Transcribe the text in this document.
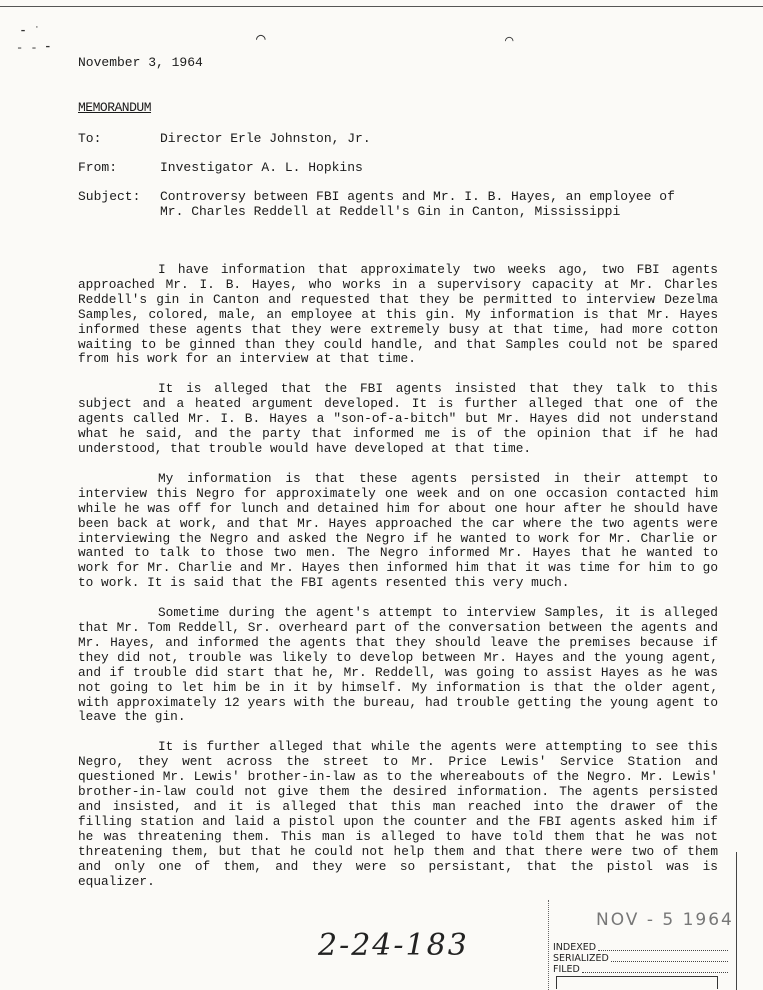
⁃ ˙
- ‐ ⁃	⌒	⌒
November 3, 1964
MEMORANDUM
To:	Director Erle Johnston, Jr.
From:	Investigator A. L. Hopkins
Subject:	Controversy between FBI agents and Mr. I. B. Hayes, an employee of
Mr. Charles Reddell at Reddell's Gin in Canton, Mississippi

I have information that approximately two weeks ago, two FBI agents approached Mr. I. B. Hayes, who works in a supervisory capacity at Mr. Charles Reddell's gin in Canton and requested that they be permitted to interview Dezelma Samples, colored, male, an employee at this gin. My information is that Mr. Hayes informed these agents that they were extremely busy at that time, had more cotton waiting to be ginned than they could handle, and that Samples could not be spared from his work for an interview at that time.

It is alleged that the FBI agents insisted that they talk to this subject and a heated argument developed. It is further alleged that one of the agents called Mr. I. B. Hayes a "son-of-a-bitch" but Mr. Hayes did not understand what he said, and the party that informed me is of the opinion that if he had understood, that trouble would have developed at that time.

My information is that these agents persisted in their attempt to interview this Negro for approximately one week and on one occasion contacted him while he was off for lunch and detained him for about one hour after he should have been back at work, and that Mr. Hayes approached the car where the two agents were interviewing the Negro and asked the Negro if he wanted to work for Mr. Charlie or wanted to talk to those two men. The Negro informed Mr. Hayes that he wanted to work for Mr. Charlie and Mr. Hayes then informed him that it was time for him to go to work. It is said that the FBI agents resented this very much.

Sometime during the agent's attempt to interview Samples, it is alleged that Mr. Tom Reddell, Sr. overheard part of the conversation between the agents and Mr. Hayes, and informed the agents that they should leave the premises because if they did not, trouble was likely to develop between Mr. Hayes and the young agent, and if trouble did start that he, Mr. Reddell, was going to assist Hayes as he was not going to let him be in it by himself. My information is that the older agent, with approximately 12 years with the bureau, had trouble getting the young agent to leave the gin.

It is further alleged that while the agents were attempting to see this Negro, they went across the street to Mr. Price Lewis' Service Station and questioned Mr. Lewis' brother-in-law as to the whereabouts of the Negro. Mr. Lewis' brother-in-law could not give them the desired information. The agents persisted and insisted, and it is alleged that this man reached into the drawer of the filling station and laid a pistol upon the counter and the FBI agents asked him if he was threatening them. This man is alleged to have told them that he was not threatening them, but that he could not help them and that there were two of them and only one of them, and they were so persistant, that the pistol was is equalizer.

2-24-183
NOV - 5 1964
INDEXED
SERIALIZED
FILED
